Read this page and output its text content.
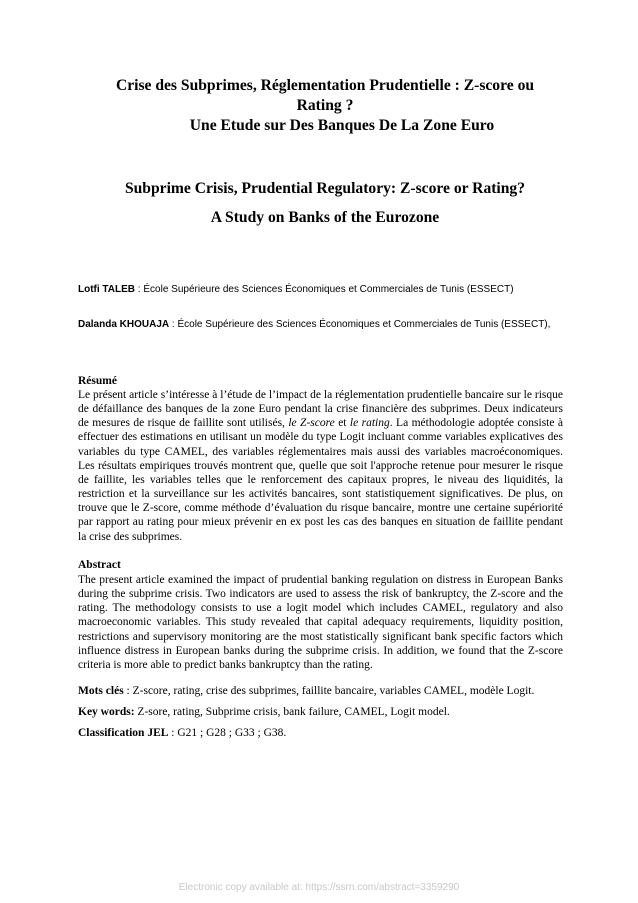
Crise des Subprimes, Réglementation Prudentielle : Z-score ou
Rating ?
Une Etude sur Des Banques De La Zone Euro
Subprime Crisis, Prudential Regulatory: Z-score or Rating?
A Study on Banks of the Eurozone
Lotfi TALEB : École Supérieure des Sciences Économiques et Commerciales de Tunis (ESSECT)
Dalanda KHOUAJA : École Supérieure des Sciences Économiques et Commerciales de Tunis (ESSECT),
Résumé
Le présent article s’intéresse à l’étude de l’impact de la réglementation prudentielle bancaire sur le risque de défaillance des banques de la zone Euro pendant la crise financière des subprimes. Deux indicateurs de mesures de risque de faillite sont utilisés, le Z-score et le rating. La méthodologie adoptée consiste à effectuer des estimations en utilisant un modèle du type Logit incluant comme variables explicatives des variables du type CAMEL, des variables réglementaires mais aussi des variables macroéconomiques. Les résultats empiriques trouvés montrent que, quelle que soit l'approche retenue pour mesurer le risque de faillite, les variables telles que le renforcement des capitaux propres, le niveau des liquidités, la restriction et la surveillance sur les activités bancaires, sont statistiquement significatives. De plus, on trouve que le Z-score, comme méthode d’évaluation du risque bancaire, montre une certaine supériorité par rapport au rating pour mieux prévenir en ex post les cas des banques en situation de faillite pendant la crise des subprimes.
Abstract
The present article examined the impact of prudential banking regulation on distress in European Banks during the subprime crisis. Two indicators are used to assess the risk of bankruptcy, the Z-score and the rating. The methodology consists to use a logit model which includes CAMEL, regulatory and also macroeconomic variables. This study revealed that capital adequacy requirements, liquidity position, restrictions and supervisory monitoring are the most statistically significant bank specific factors which influence distress in European banks during the subprime crisis. In addition, we found that the Z-score criteria is more able to predict banks bankruptcy than the rating.
Mots clés : Z-score, rating, crise des subprimes, faillite bancaire, variables CAMEL, modèle Logit.
Key words: Z-sore, rating, Subprime crisis, bank failure, CAMEL, Logit model.
Classification JEL : G21 ; G28 ; G33 ; G38.
Electronic copy available at: https://ssrn.com/abstract=3359290
